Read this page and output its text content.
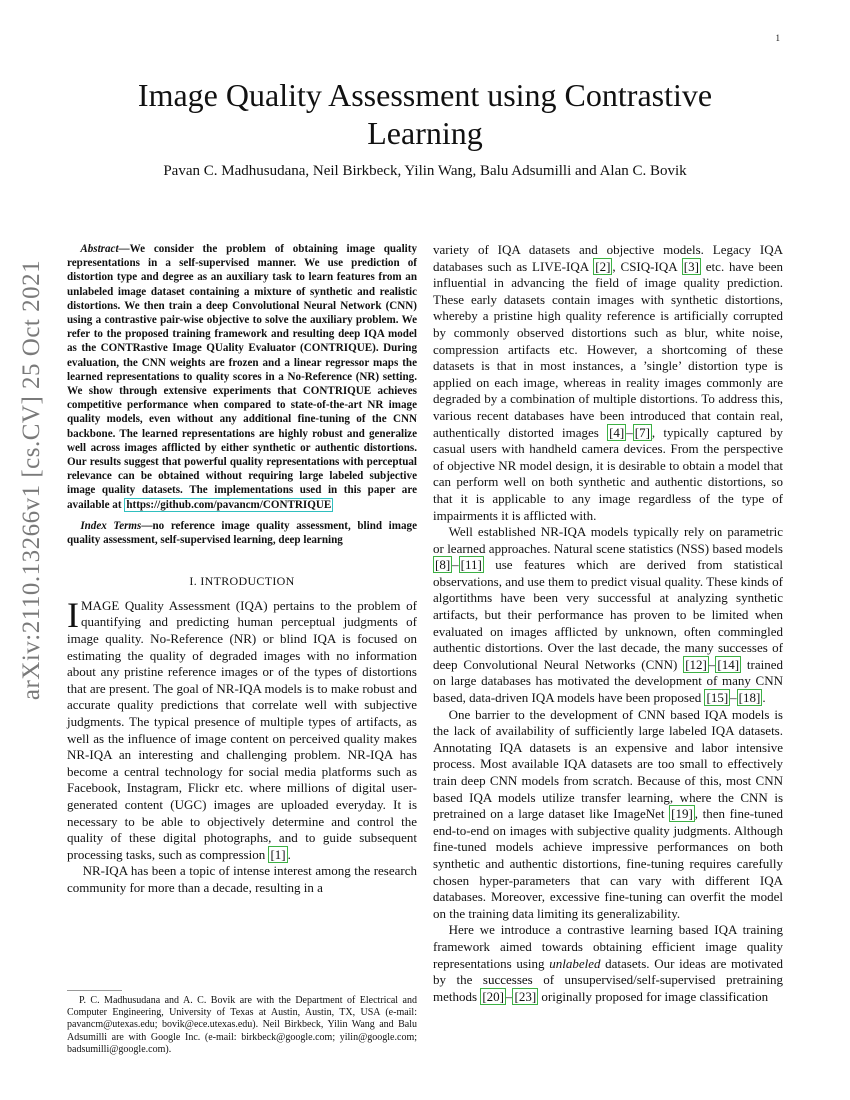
1
arXiv:2110.13266v1 [cs.CV] 25 Oct 2021
Image Quality Assessment using Contrastive Learning
Pavan C. Madhusudana, Neil Birkbeck, Yilin Wang, Balu Adsumilli and Alan C. Bovik

Abstract—We consider the problem of obtaining image quality representations in a self-supervised manner. We use prediction of distortion type and degree as an auxiliary task to learn features from an unlabeled image dataset containing a mixture of synthetic and realistic distortions. We then train a deep Convolutional Neural Network (CNN) using a contrastive pair-wise objective to solve the auxiliary problem. We refer to the proposed training framework and resulting deep IQA model as the CONTRastive Image QUality Evaluator (CONTRIQUE). During evaluation, the CNN weights are frozen and a linear regressor maps the learned representations to quality scores in a No-Reference (NR) setting. We show through extensive experiments that CONTRIQUE achieves competitive performance when compared to state-of-the-art NR image quality models, even without any additional fine-tuning of the CNN backbone. The learned representations are highly robust and generalize well across images afflicted by either synthetic or authentic distortions. Our results suggest that powerful quality representations with perceptual relevance can be obtained without requiring large labeled subjective image quality datasets. The implementations used in this paper are available at https://github.com/pavancm/CONTRIQUE

Index Terms—no reference image quality assessment, blind image quality assessment, self-supervised learning, deep learning

I. INTRODUCTION

IMAGE Quality Assessment (IQA) pertains to the problem of quantifying and predicting human perceptual judgments of image quality. No-Reference (NR) or blind IQA is focused on estimating the quality of degraded images with no information about any pristine reference images or of the types of distortions that are present. The goal of NR-IQA models is to make robust and accurate quality predictions that correlate well with subjective judgments. The typical presence of multiple types of artifacts, as well as the influence of image content on perceived quality makes NR-IQA an interesting and challenging problem. NR-IQA has become a central technology for social media platforms such as Facebook, Instagram, Flickr etc. where millions of digital user-generated content (UGC) images are uploaded everyday. It is necessary to be able to objectively determine and control the quality of these digital photographs, and to guide subsequent processing tasks, such as compression [1] .

NR-IQA has been a topic of intense interest among the research community for more than a decade, resulting in a

P. C. Madhusudana and A. C. Bovik are with the Department of Electrical and Computer Engineering, University of Texas at Austin, Austin, TX, USA (e-mail: pavancm@utexas.edu; bovik@ece.utexas.edu). Neil Birkbeck, Yilin Wang and Balu Adsumilli are with Google Inc. (e-mail: birkbeck@google.com; yilin@google.com; badsumilli@google.com).

variety of IQA datasets and objective models. Legacy IQA databases such as LIVE-IQA [2] , CSIQ-IQA [3] etc. have been influential in advancing the field of image quality prediction. These early datasets contain images with synthetic distortions, whereby a pristine high quality reference is artificially corrupted by commonly observed distortions such as blur, white noise, compression artifacts etc. However, a shortcoming of these datasets is that in most instances, a ’single’ distortion type is applied on each image, whereas in reality images commonly are degraded by a combination of multiple distortions. To address this, various recent databases have been introduced that contain real, authentically distorted images [4] – [7] , typically captured by casual users with handheld camera devices. From the perspective of objective NR model design, it is desirable to obtain a model that can perform well on both synthetic and authentic distortions, so that it is applicable to any image regardless of the type of impairments it is afflicted with.

Well established NR-IQA models typically rely on parametric or learned approaches. Natural scene statistics (NSS) based models [8] – [11] use features which are derived from statistical observations, and use them to predict visual quality. These kinds of algortithms have been very successful at analyzing synthetic artifacts, but their performance has proven to be limited when evaluated on images afflicted by unknown, often commingled authentic distortions. Over the last decade, the many successes of deep Convolutional Neural Networks (CNN) [12] – [14] trained on large databases has motivated the development of many CNN based, data-driven IQA models have been proposed [15] – [18] .

One barrier to the development of CNN based IQA models is the lack of availability of sufficiently large labeled IQA datasets. Annotating IQA datasets is an expensive and labor intensive process. Most available IQA datasets are too small to effectively train deep CNN models from scratch. Because of this, most CNN based IQA models utilize transfer learning, where the CNN is pretrained on a large dataset like ImageNet [19] , then fine-tuned end-to-end on images with subjective quality judgments. Although fine-tuned models achieve impressive performances on both synthetic and authentic distortions, fine-tuning requires carefully chosen hyper-parameters that can vary with different IQA databases. Moreover, excessive fine-tuning can overfit the model on the training data limiting its generalizability.

Here we introduce a contrastive learning based IQA training framework aimed towards obtaining efficient image quality representations using unlabeled datasets. Our ideas are motivated by the successes of unsupervised/self-supervised pretraining methods [20] – [23] originally proposed for image classification
